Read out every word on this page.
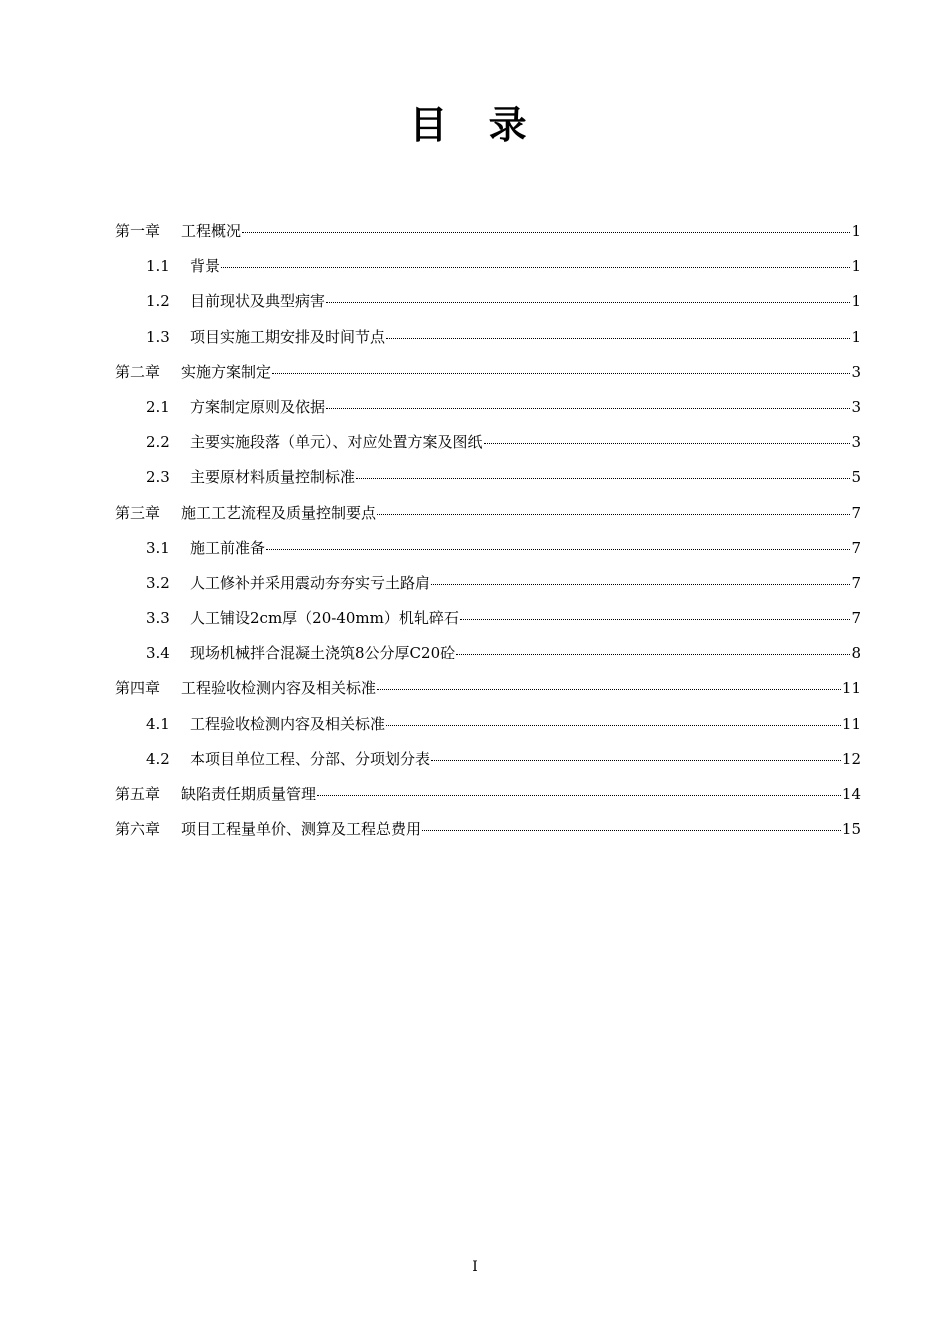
目 录
第一章	工程概况	1
1.1	背景	1
1.2	目前现状及典型病害	1
1.3	项目实施工期安排及时间节点	1
第二章	实施方案制定	3
2.1	方案制定原则及依据	3
2.2	主要实施段落（单元）、对应处置方案及图纸	3
2.3	主要原材料质量控制标准	5
第三章	施工工艺流程及质量控制要点	7
3.1	施工前准备	7
3.2	人工修补并采用震动夯夯实亏土路肩	7
3.3	人工铺设2cm厚（20-40mm）机轧碎石	7
3.4	现场机械拌合混凝土浇筑8公分厚C20砼	8
第四章	工程验收检测内容及相关标准	11
4.1	工程验收检测内容及相关标准	11
4.2	本项目单位工程、分部、分项划分表	12
第五章	缺陷责任期质量管理	14
第六章	项目工程量单价、测算及工程总费用	15
I
